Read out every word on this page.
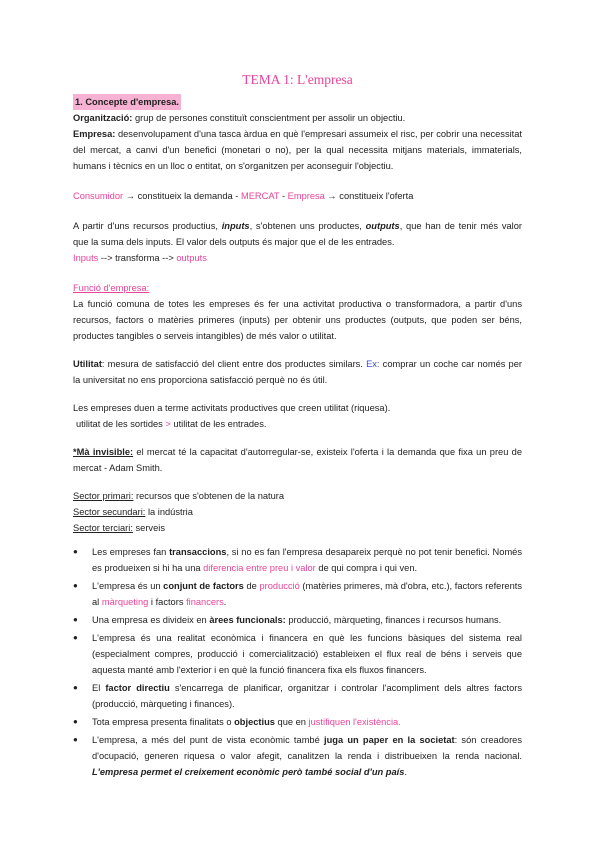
TEMA 1: L'empresa
1. Concepte d'empresa.

Organització: grup de persones constituït conscientment per assolir un objectiu.

Empresa: desenvolupament d'una tasca àrdua en què l'empresari assumeix el risc, per cobrir una necessitat del mercat, a canvi d'un benefici (monetari o no), per la qual necessita mitjans materials, immaterials, humans i tècnics en un lloc o entitat, on s'organitzen per aconseguir l'objectiu.

Consumidor → constitueix la demanda - MERCAT - Empresa → constitueix l'oferta

A partir d'uns recursos productius, inputs, s'obtenen uns productes, outputs, que han de tenir més valor que la suma dels inputs. El valor dels outputs és major que el de les entrades.

Inputs --> transforma --> outputs

Funció d'empresa:

La funció comuna de totes les empreses és fer una activitat productiva o transformadora, a partir d'uns recursos, factors o matèries primeres (inputs) per obtenir uns productes (outputs, que poden ser béns, productes tangibles o serveis intangibles) de més valor o utilitat.

Utilitat: mesura de satisfacció del client entre dos productes similars. Ex: comprar un coche car només per la universitat no ens proporciona satisfacció perquè no és útil.

Les empreses duen a terme activitats productives que creen utilitat (riquesa).

utilitat de les sortides > utilitat de les entrades.

*Mà invisible: el mercat té la capacitat d'autorregular-se, existeix l'oferta i la demanda que fixa un preu de mercat - Adam Smith.

Sector primari: recursos que s'obtenen de la natura
Sector secundari: la indústria
Sector terciari: serveis
● Les empreses fan transaccions, si no es fan l'empresa desapareix perquè no pot tenir benefici. Només es produeixen si hi ha una diferencia entre preu i valor de qui compra i qui ven.
● L'empresa és un conjunt de factors de producció (matèries primeres, mà d'obra, etc.), factors referents al màrqueting i factors financers.
● Una empresa es divideix en àrees funcionals: producció, màrqueting, finances i recursos humans.
● L'empresa és una realitat econòmica i financera en què les funcions bàsiques del sistema real (especialment compres, producció i comercialització) estableixen el flux real de béns i serveis que aquesta manté amb l'exterior i en què la funció financera fixa els fluxos financers.
● El factor directiu s'encarrega de planificar, organitzar i controlar l'acompliment dels altres factors (producció, màrqueting i finances).
● Tota empresa presenta finalitats o objectius que en justifiquen l'existència.
● L'empresa, a més del punt de vista econòmic també juga un paper en la societat: són creadores d'ocupació, generen riquesa o valor afegit, canalitzen la renda i distribueixen la renda nacional. L'empresa permet el creixement econòmic però també social d'un país.
